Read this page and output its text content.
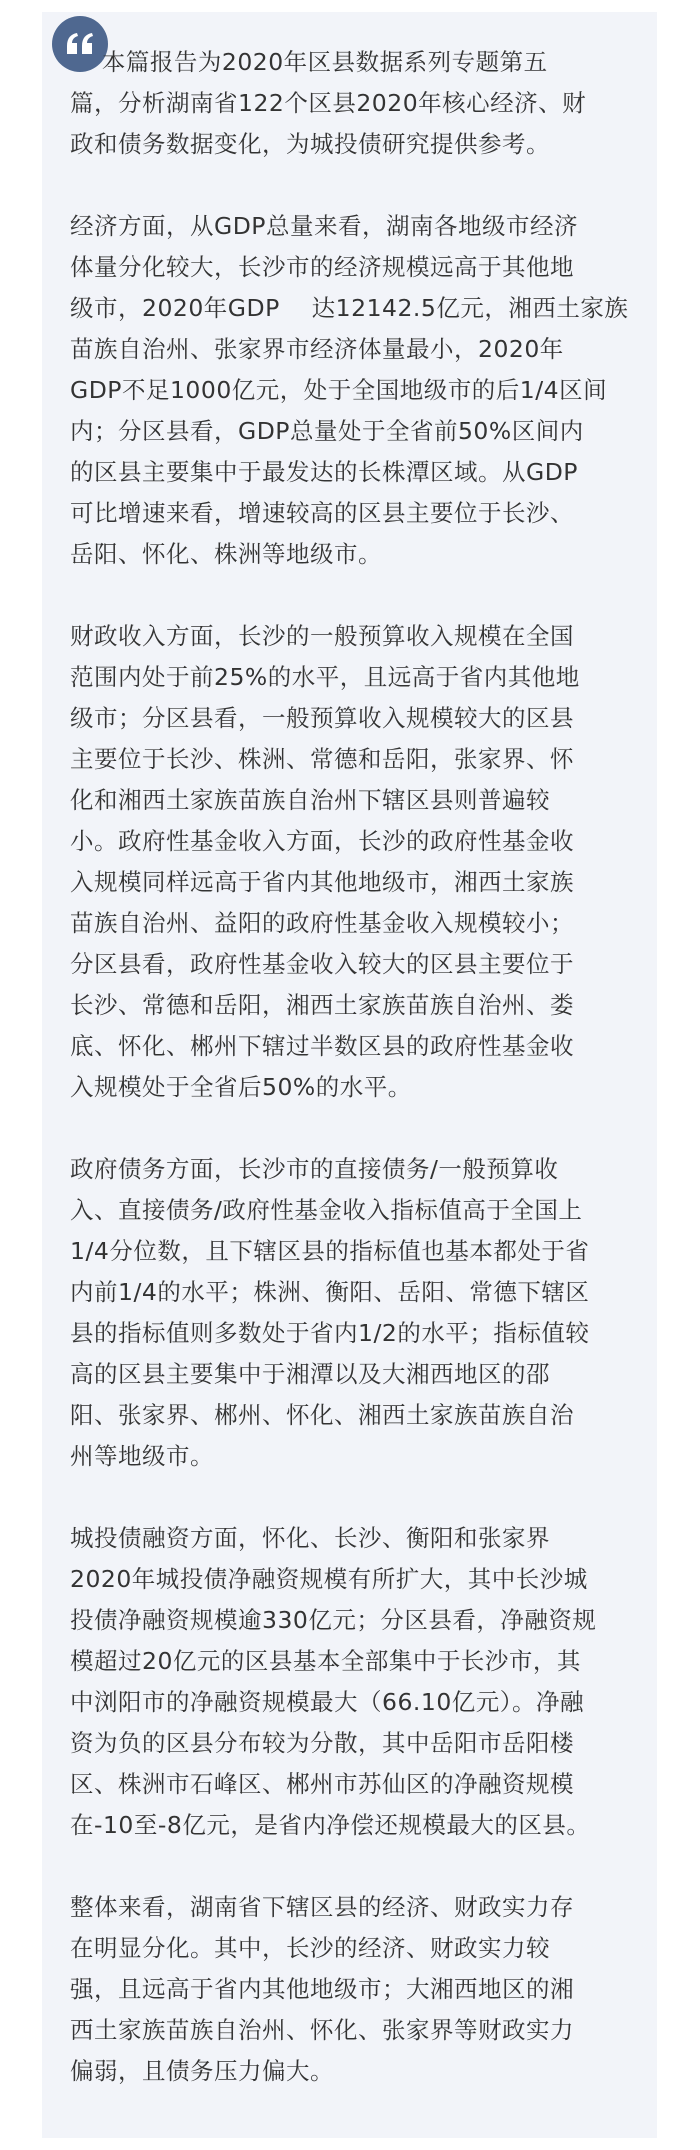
本篇报告为2020年区县数据系列专题第五
篇，分析湖南省122个区县2020年核心经济、财
政和债务数据变化，为城投债研究提供参考。
经济方面，从GDP总量来看，湖南各地级市经济
体量分化较大，长沙市的经济规模远高于其他地
级市，2020年GDP    达12142.5亿元，湘西土家族
苗族自治州、张家界市经济体量最小，2020年
GDP不足1000亿元，处于全国地级市的后1/4区间
内；分区县看，GDP总量处于全省前50%区间内
的区县主要集中于最发达的长株潭区域。从GDP
可比增速来看，增速较高的区县主要位于长沙、
岳阳、怀化、株洲等地级市。
财政收入方面，长沙的一般预算收入规模在全国
范围内处于前25%的水平，且远高于省内其他地
级市；分区县看，一般预算收入规模较大的区县
主要位于长沙、株洲、常德和岳阳，张家界、怀
化和湘西土家族苗族自治州下辖区县则普遍较
小。政府性基金收入方面，长沙的政府性基金收
入规模同样远高于省内其他地级市，湘西土家族
苗族自治州、益阳的政府性基金收入规模较小；
分区县看，政府性基金收入较大的区县主要位于
长沙、常德和岳阳，湘西土家族苗族自治州、娄
底、怀化、郴州下辖过半数区县的政府性基金收
入规模处于全省后50%的水平。
政府债务方面，长沙市的直接债务/一般预算收
入、直接债务/政府性基金收入指标值高于全国上
1/4分位数，且下辖区县的指标值也基本都处于省
内前1/4的水平；株洲、衡阳、岳阳、常德下辖区
县的指标值则多数处于省内1/2的水平；指标值较
高的区县主要集中于湘潭以及大湘西地区的邵
阳、张家界、郴州、怀化、湘西土家族苗族自治
州等地级市。
城投债融资方面，怀化、长沙、衡阳和张家界
2020年城投债净融资规模有所扩大，其中长沙城
投债净融资规模逾330亿元；分区县看，净融资规
模超过20亿元的区县基本全部集中于长沙市，其
中浏阳市的净融资规模最大（66.10亿元）。净融
资为负的区县分布较为分散，其中岳阳市岳阳楼
区、株洲市石峰区、郴州市苏仙区的净融资规模
在-10至-8亿元，是省内净偿还规模最大的区县。
整体来看，湖南省下辖区县的经济、财政实力存
在明显分化。其中，长沙的经济、财政实力较
强，且远高于省内其他地级市；大湘西地区的湘
西土家族苗族自治州、怀化、张家界等财政实力
偏弱，且债务压力偏大。
